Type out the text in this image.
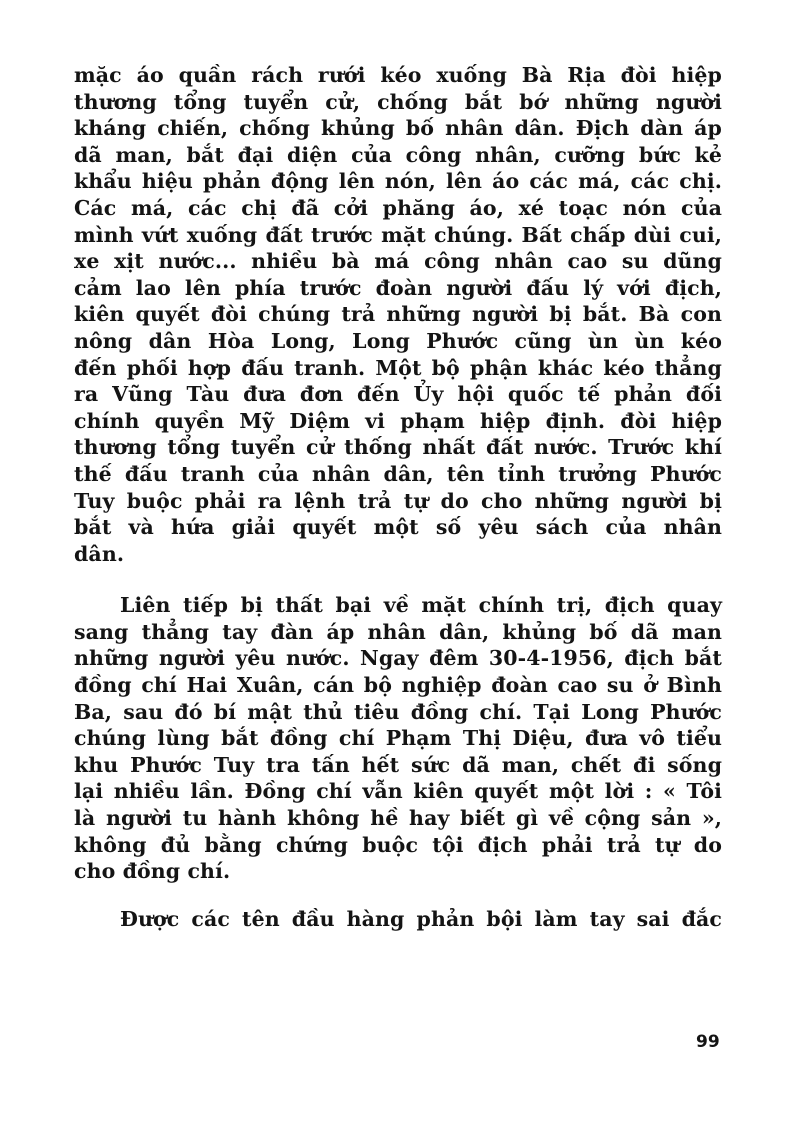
mặc áo quần rách rưới kéo xuống Bà Rịa đòi hiệp
thương tổng tuyển cử, chống bắt bớ những người
kháng chiến, chống khủng bố nhân dân. Địch dàn áp
dã man, bắt đại diện của công nhân, cưỡng bức kẻ
khẩu hiệu phản động lên nón, lên áo các má, các chị.
Các má, các chị đã cởi phăng áo, xé toạc nón của
mình vứt xuống đất trước mặt chúng. Bất chấp dùi cui,
xe xịt nước... nhiều bà má công nhân cao su dũng
cảm lao lên phía trước đoàn người đấu lý với địch,
kiên quyết đòi chúng trả những người bị bắt. Bà con
nông dân Hòa Long, Long Phước cũng ùn ùn kéo
đến phối hợp đấu tranh. Một bộ phận khác kéo thẳng
ra Vũng Tàu đưa đơn đến Ủy hội quốc tế phản đối
chính quyền Mỹ Diệm vi phạm hiệp định. đòi hiệp
thương tổng tuyển cử thống nhất đất nước. Trước khí
thế đấu tranh của nhân dân, tên tỉnh trưởng Phước
Tuy buộc phải ra lệnh trả tự do cho những người bị
bắt và hứa giải quyết một số yêu sách của nhân
dân.
Liên tiếp bị thất bại về mặt chính trị, địch quay
sang thẳng tay đàn áp nhân dân, khủng bố dã man
những người yêu nước. Ngay đêm 30-4-1956, địch bắt
đồng chí Hai Xuân, cán bộ nghiệp đoàn cao su ở Bình
Ba, sau đó bí mật thủ tiêu đồng chí. Tại Long Phước
chúng lùng bắt đồng chí Phạm Thị Diệu, đưa vô tiểu
khu Phước Tuy tra tấn hết sức dã man, chết đi sống
lại nhiều lần. Đồng chí vẫn kiên quyết một lời : « Tôi
là người tu hành không hề hay biết gì về cộng sản »,
không đủ bằng chứng buộc tội địch phải trả tự do
cho đồng chí.
Được các tên đầu hàng phản bội làm tay sai đắc
99
